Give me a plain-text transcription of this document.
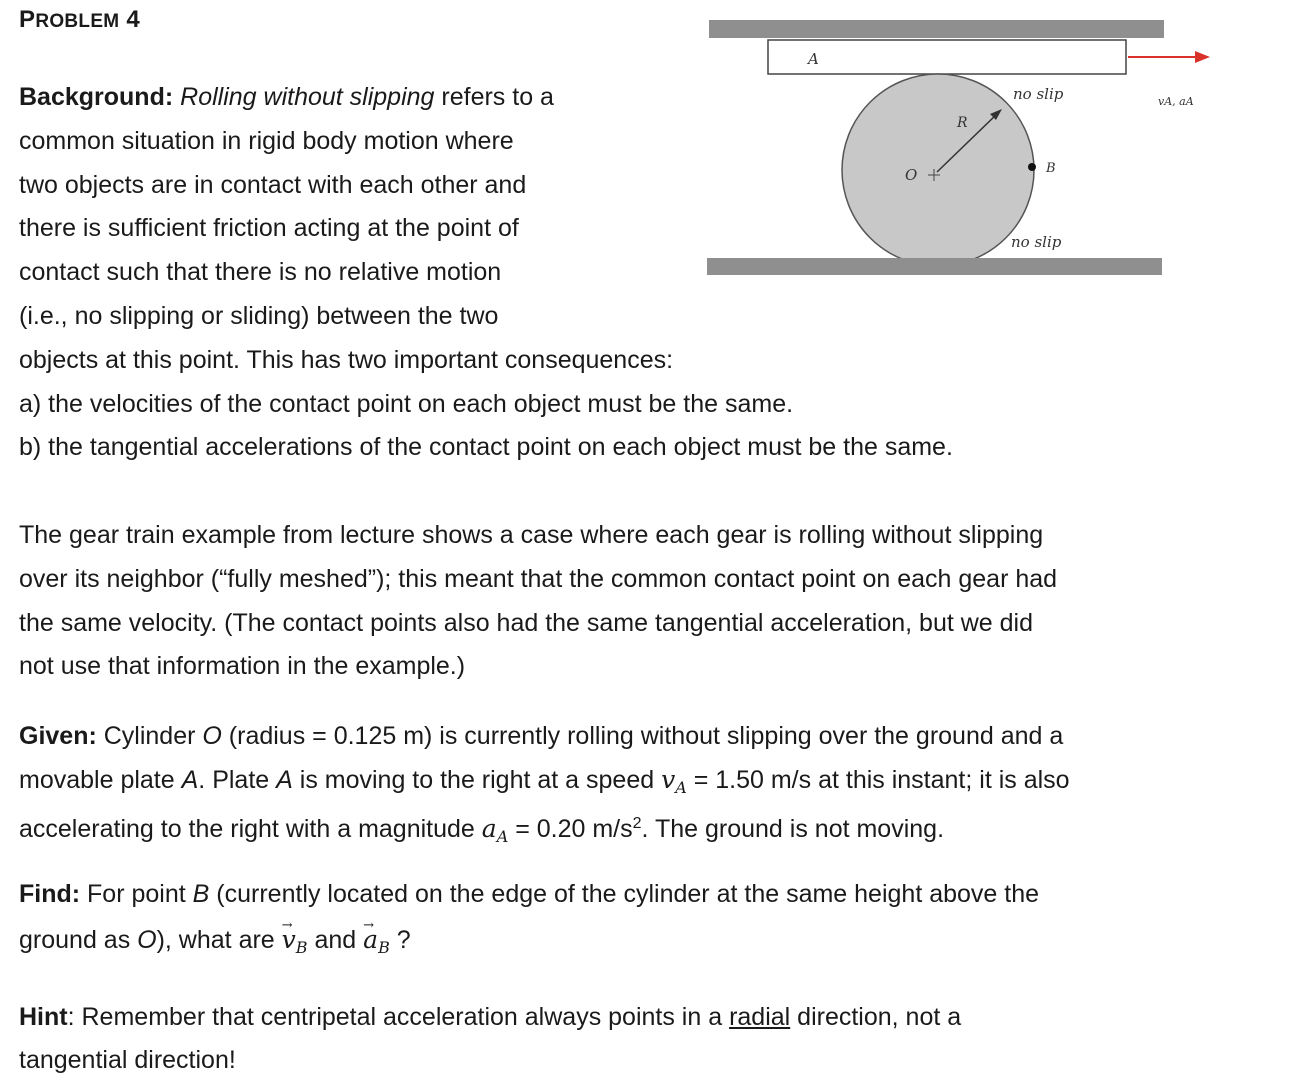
PROBLEM 4
A
vA, aA
O
R
B
no slip
no slip
Background: Rolling without slipping refers to a
common situation in rigid body motion where
two objects are in contact with each other and
there is sufficient friction acting at the point of
contact such that there is no relative motion
(i.e., no slipping or sliding) between the two
objects at this point. This has two important consequences:
a) the velocities of the contact point on each object must be the same.
b) the tangential accelerations of the contact point on each object must be the same.
The gear train example from lecture shows a case where each gear is rolling without slipping
over its neighbor (“fully meshed”); this meant that the common contact point on each gear had
the same velocity. (The contact points also had the same tangential acceleration, but we did
not use that information in the example.)
Given: Cylinder O (radius = 0.125 m) is currently rolling without slipping over the ground and a
movable plate A. Plate A is moving to the right at a speed $v_A = 1.50$ m/s at this instant; it is also
accelerating to the right with a magnitude $a_A = 0.20$ $m/s^2$. The ground is not moving.
Find: For point B (currently located on the edge of the cylinder at the same height above the
ground as O), what are → $v_B$ and → $a_B$ ?
Hint: Remember that centripetal acceleration always points in a radial direction, not a
tangential direction!
